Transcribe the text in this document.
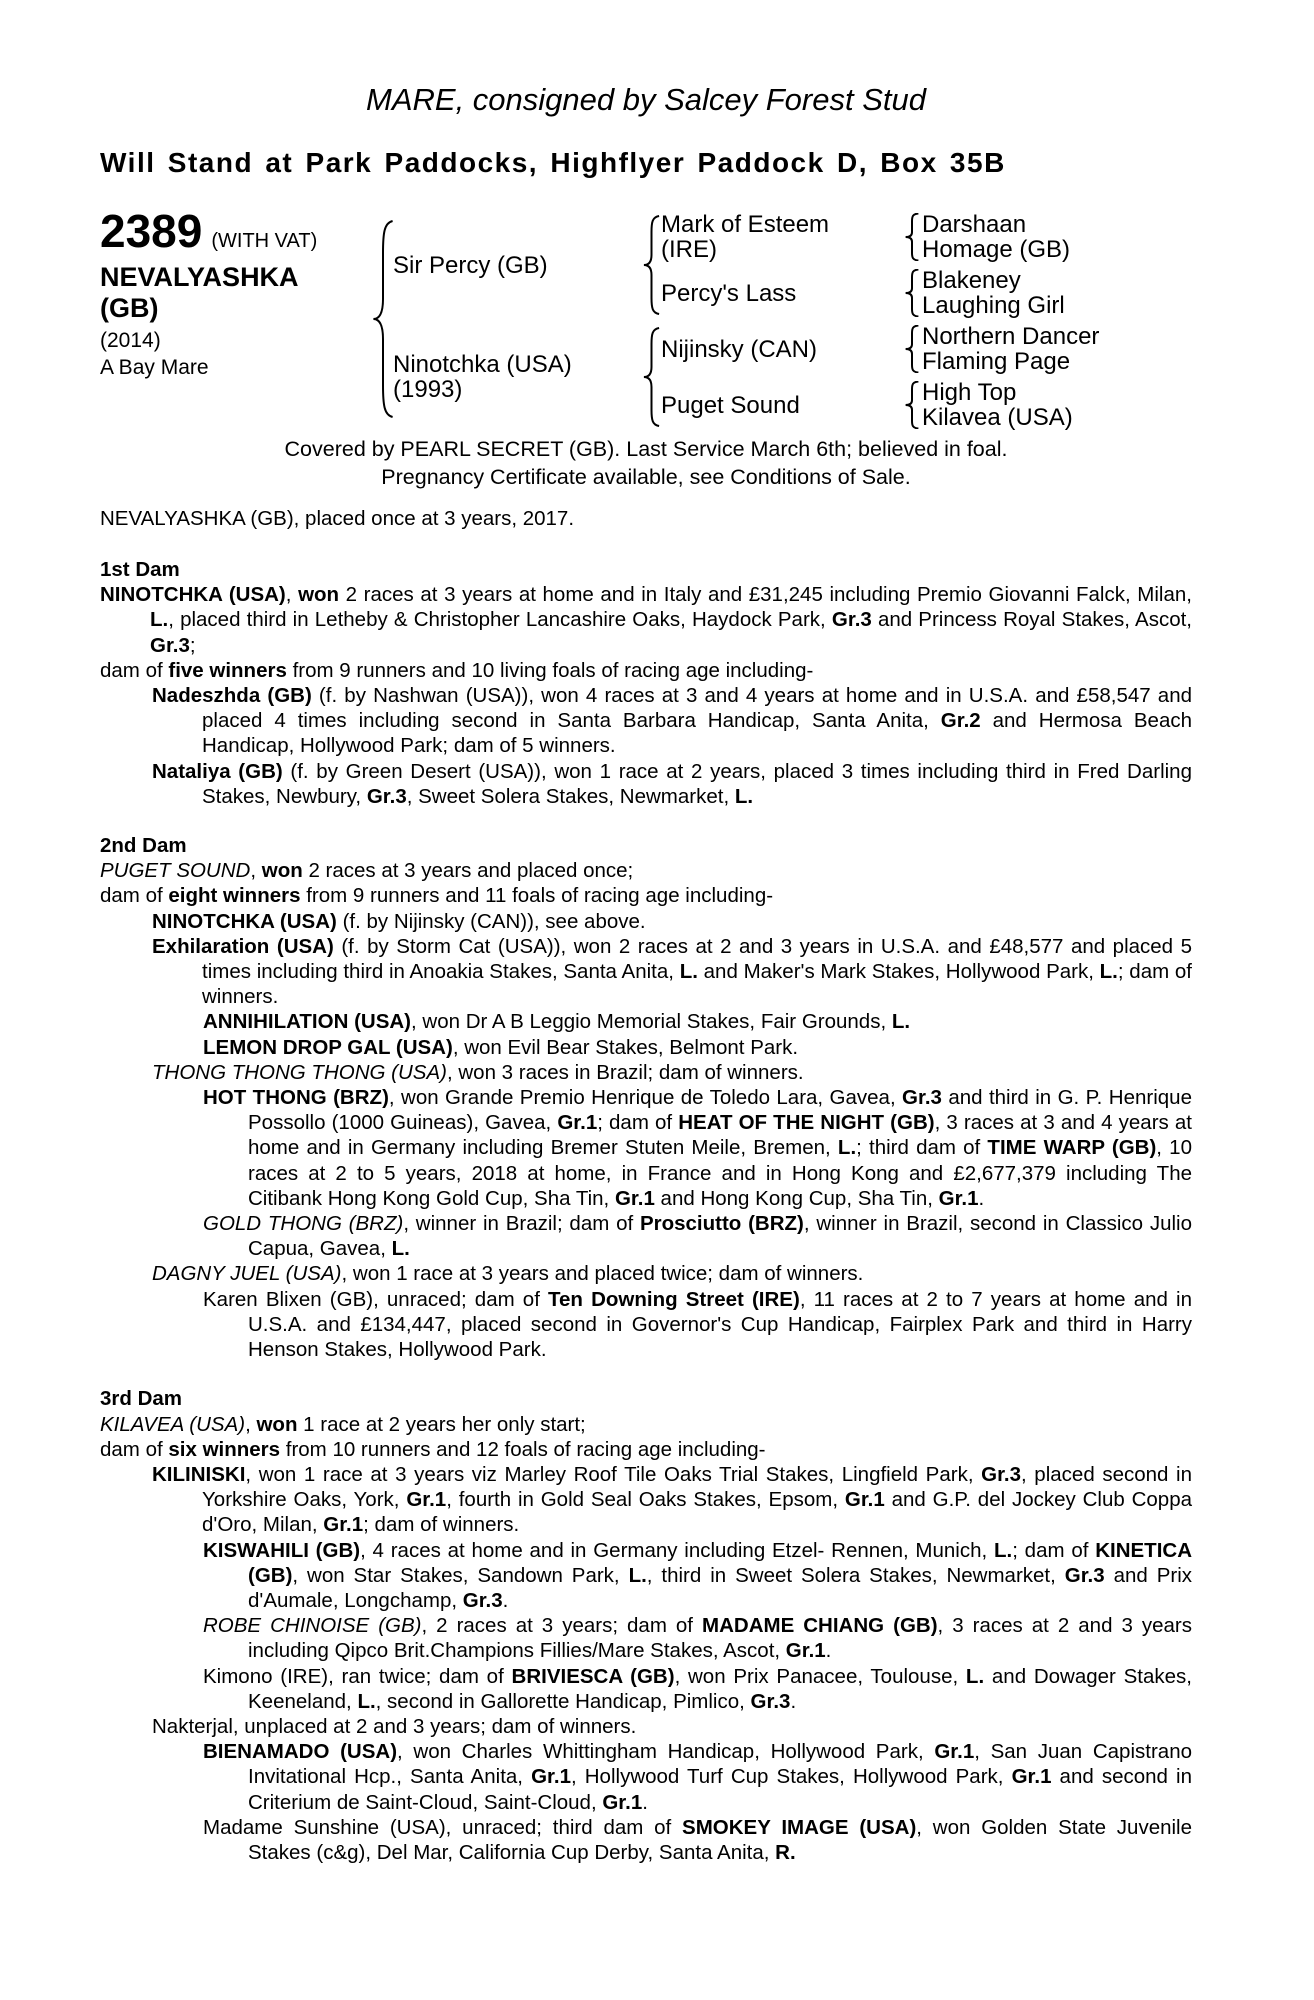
MARE, consigned by Salcey Forest Stud
Will Stand at Park Paddocks, Highflyer Paddock D, Box 35B
2389 (WITH VAT)
NEVALYASHKA
(GB)
(2014)
A Bay Mare
Sir Percy (GB)
Ninotchka (USA)
(1993)
Mark of Esteem (IRE)
Percy's Lass
Nijinsky (CAN)
Puget Sound
Darshaan
Homage (GB)
Blakeney
Laughing Girl
Northern Dancer
Flaming Page
High Top
Kilavea (USA)
Covered by PEARL SECRET (GB). Last Service March 6th; believed in foal.
Pregnancy Certificate available, see Conditions of Sale.

NEVALYASHKA (GB), placed once at 3 years, 2017.

1st Dam

NINOTCHKA (USA), won 2 races at 3 years at home and in Italy and £31,245 including Premio Giovanni Falck, Milan, L., placed third in Letheby & Christopher Lancashire Oaks, Haydock Park, Gr.3 and Princess Royal Stakes, Ascot, Gr.3;

dam of five winners from 9 runners and 10 living foals of racing age including-

Nadeszhda (GB) (f. by Nashwan (USA)), won 4 races at 3 and 4 years at home and in U.S.A. and £58,547 and placed 4 times including second in Santa Barbara Handicap, Santa Anita, Gr.2 and Hermosa Beach Handicap, Hollywood Park; dam of 5 winners.

Nataliya (GB) (f. by Green Desert (USA)), won 1 race at 2 years, placed 3 times including third in Fred Darling Stakes, Newbury, Gr.3, Sweet Solera Stakes, Newmarket, L.

2nd Dam

PUGET SOUND, won 2 races at 3 years and placed once;

dam of eight winners from 9 runners and 11 foals of racing age including-

NINOTCHKA (USA) (f. by Nijinsky (CAN)), see above.

Exhilaration (USA) (f. by Storm Cat (USA)), won 2 races at 2 and 3 years in U.S.A. and £48,577 and placed 5 times including third in Anoakia Stakes, Santa Anita, L. and Maker's Mark Stakes, Hollywood Park, L.; dam of winners.

ANNIHILATION (USA), won Dr A B Leggio Memorial Stakes, Fair Grounds, L.

LEMON DROP GAL (USA), won Evil Bear Stakes, Belmont Park.

THONG THONG THONG (USA), won 3 races in Brazil; dam of winners.

HOT THONG (BRZ), won Grande Premio Henrique de Toledo Lara, Gavea, Gr.3 and third in G. P. Henrique Possollo (1000 Guineas), Gavea, Gr.1; dam of HEAT OF THE NIGHT (GB), 3 races at 3 and 4 years at home and in Germany including Bremer Stuten Meile, Bremen, L.; third dam of TIME WARP (GB), 10 races at 2 to 5 years, 2018 at home, in France and in Hong Kong and £2,677,379 including The Citibank Hong Kong Gold Cup, Sha Tin, Gr.1 and Hong Kong Cup, Sha Tin, Gr.1.

GOLD THONG (BRZ), winner in Brazil; dam of Prosciutto (BRZ), winner in Brazil, second in Classico Julio Capua, Gavea, L.

DAGNY JUEL (USA), won 1 race at 3 years and placed twice; dam of winners.

Karen Blixen (GB), unraced; dam of Ten Downing Street (IRE), 11 races at 2 to 7 years at home and in U.S.A. and £134,447, placed second in Governor's Cup Handicap, Fairplex Park and third in Harry Henson Stakes, Hollywood Park.

3rd Dam

KILAVEA (USA), won 1 race at 2 years her only start;

dam of six winners from 10 runners and 12 foals of racing age including-

KILINISKI, won 1 race at 3 years viz Marley Roof Tile Oaks Trial Stakes, Lingfield Park, Gr.3, placed second in Yorkshire Oaks, York, Gr.1, fourth in Gold Seal Oaks Stakes, Epsom, Gr.1 and G.P. del Jockey Club Coppa d'Oro, Milan, Gr.1; dam of winners.

KISWAHILI (GB), 4 races at home and in Germany including Etzel- Rennen, Munich, L.; dam of KINETICA (GB), won Star Stakes, Sandown Park, L., third in Sweet Solera Stakes, Newmarket, Gr.3 and Prix d'Aumale, Longchamp, Gr.3.

ROBE CHINOISE (GB), 2 races at 3 years; dam of MADAME CHIANG (GB), 3 races at 2 and 3 years including Qipco Brit.Champions Fillies/Mare Stakes, Ascot, Gr.1.

Kimono (IRE), ran twice; dam of BRIVIESCA (GB), won Prix Panacee, Toulouse, L. and Dowager Stakes, Keeneland, L., second in Gallorette Handicap, Pimlico, Gr.3.

Nakterjal, unplaced at 2 and 3 years; dam of winners.

BIENAMADO (USA), won Charles Whittingham Handicap, Hollywood Park, Gr.1, San Juan Capistrano Invitational Hcp., Santa Anita, Gr.1, Hollywood Turf Cup Stakes, Hollywood Park, Gr.1 and second in Criterium de Saint-Cloud, Saint-Cloud, Gr.1.

Madame Sunshine (USA), unraced; third dam of SMOKEY IMAGE (USA), won Golden State Juvenile Stakes (c&g), Del Mar, California Cup Derby, Santa Anita, R.
